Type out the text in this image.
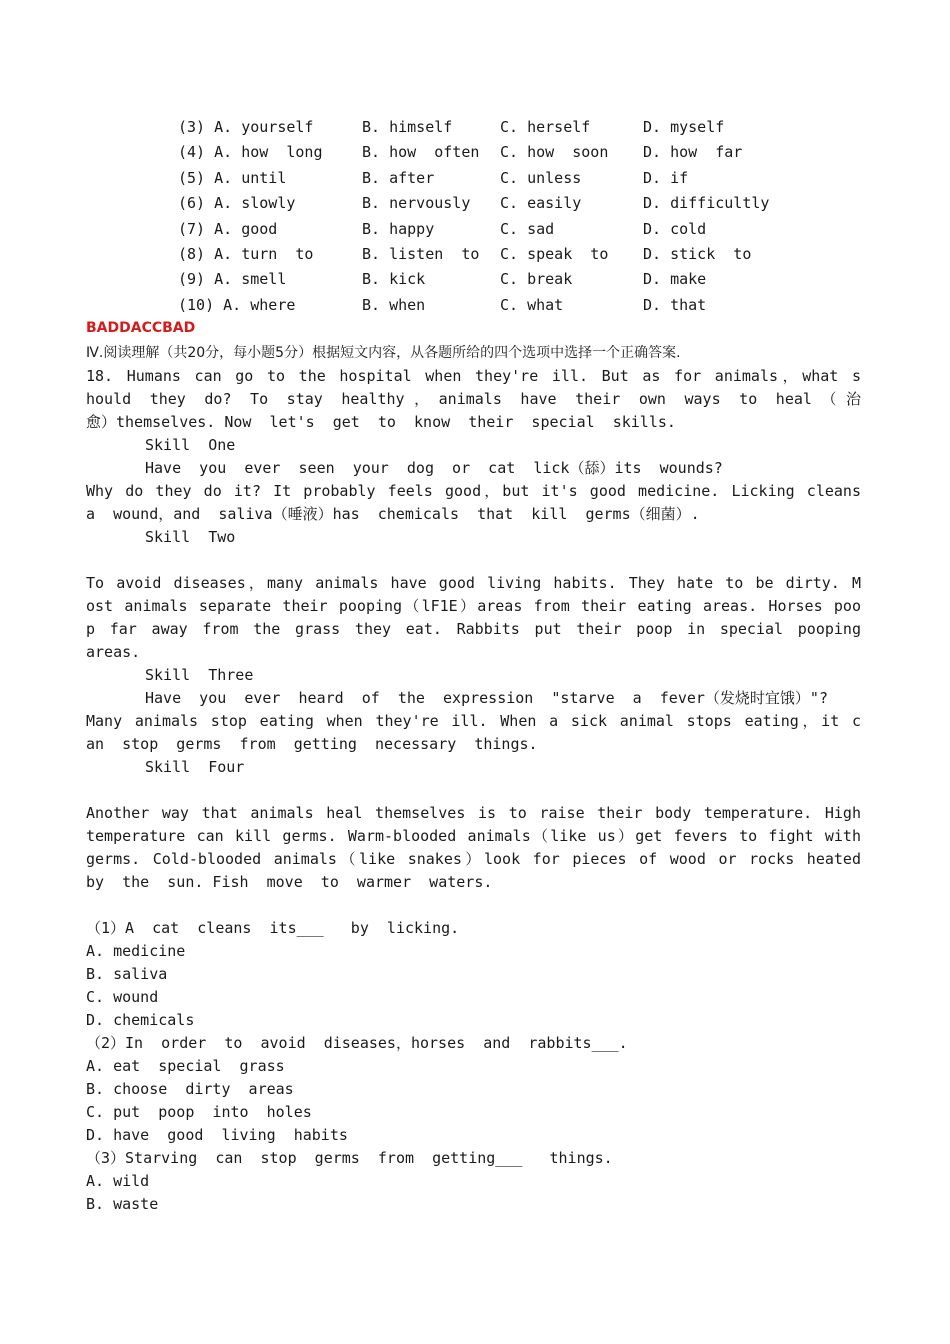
(3) A. yourself	B. himself	C. herself	D. myself
(4) A. how  long	B. how  often C. how  soon D. how  far
(5) A. until	B. after	C. unless	D. if
(6) A. slowly	B. nervously C. easily	D. difficultly
(7) A. good	B. happy	C. sad	D. cold
(8) A. turn  to	B. listen  to C. speak  to D. stick  to
(9) A. smell	B. kick	C. break	D. make
(10) A. where	B. when	C. what	D. that
BADDACCBAD
Ⅳ.阅读理解（共20分，每小题5分）根据短文内容，从各题所给的四个选项中选择一个正确答案.
18. Humans can go to the hospital when they're ill. But as for animals，what s
hould they do? To stay healthy，animals have their own ways to heal（治
愈）themselves. Now  let's  get  to  know  their  special  skills.
Skill  One
Have  you  ever  seen  your  dog  or  cat  lick（舔）its  wounds?
Why do they do it? It probably feels good，but it's good medicine. Licking cleans
a  wound，and  saliva（唾液）has  chemicals  that  kill  germs（细菌）.
Skill  Two
To avoid diseases，many animals have good living habits. They hate to be dirty. M
ost animals separate their pooping（lF1E）areas from their eating areas. Horses poo
p far away from the grass they eat. Rabbits put their poop in special pooping
areas.
Skill  Three
Have  you  ever  heard  of  the  expression  "starve  a  fever（发烧时宜饿）"?
Many animals stop eating when they're ill. When a sick animal stops eating，it c
an  stop  germs  from  getting  necessary  things.
Skill  Four
Another way that animals heal themselves is to raise their body temperature. High
temperature can kill germs. Warm-blooded animals（like us）get fevers to fight with
germs. Cold-blooded animals（like snakes）look for pieces of wood or rocks heated
by  the  sun. Fish  move  to  warmer  waters.
（1）A  cat  cleans  its___   by  licking.
A. medicine
B. saliva
C. wound
D. chemicals
（2）In  order  to  avoid  diseases，horses  and  rabbits___.
A. eat  special  grass
B. choose  dirty  areas
C. put  poop  into  holes
D. have  good  living  habits
（3）Starving  can  stop  germs  from  getting___   things.
A. wild
B. waste
